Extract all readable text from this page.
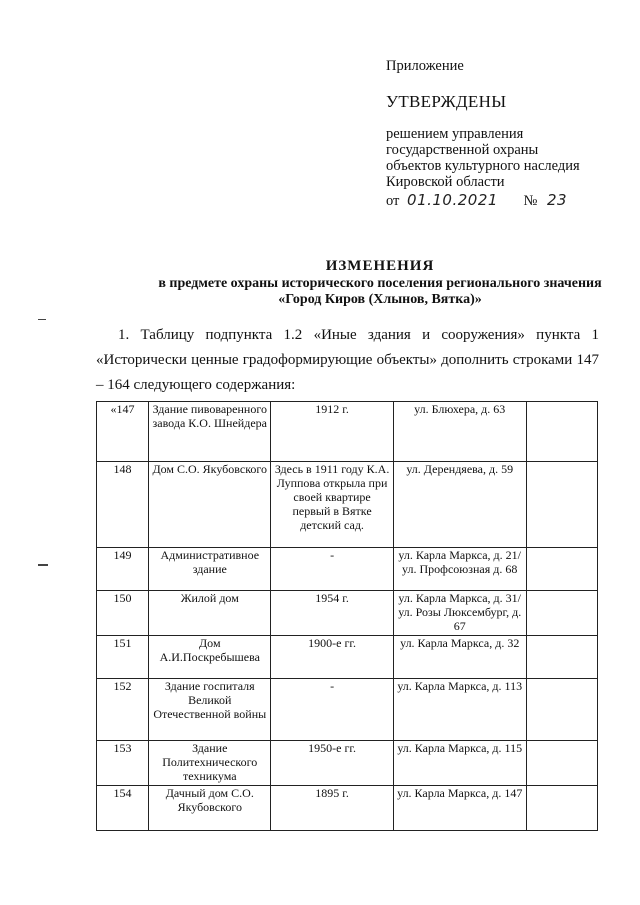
Приложение
УТВЕРЖДЕНЫ
решением управления
государственной охраны
объектов культурного наследия
Кировской области
от 01.10.2021 № 23
ИЗМЕНЕНИЯ
в предмете охраны исторического поселения регионального значения
«Город Киров (Хлынов, Вятка)»
1. Таблицу подпункта 1.2 «Иные здания и сооружения» пункта 1 «Исторически ценные градоформирующие объекты» дополнить строками 147 – 164 следующего содержания:
«147	Здание пивоваренного завода К.О. Шнейдера	1912 г.	ул. Блюхера, д. 63	
148	Дом С.О. Якубовского	Здесь в 1911 году К.А. Луппова открыла при своей квартире первый в Вятке детский сад.	ул. Дерендяева, д. 59	
149	Административное здание	-	ул. Карла Маркса, д. 21/ул. Профсоюзная д. 68	
150	Жилой дом	1954 г.	ул. Карла Маркса, д. 31/ ул. Розы Люксембург, д. 67	
151	Дом А.И.Поскребышева	1900-е гг.	ул. Карла Маркса, д. 32	
152	Здание госпиталя Великой Отечественной войны	-	ул. Карла Маркса, д. 113	
153	Здание Политехнического техникума	1950-е гг.	ул. Карла Маркса, д. 115	
154	Дачный дом С.О. Якубовского	1895 г.	ул. Карла Маркса, д. 147	
